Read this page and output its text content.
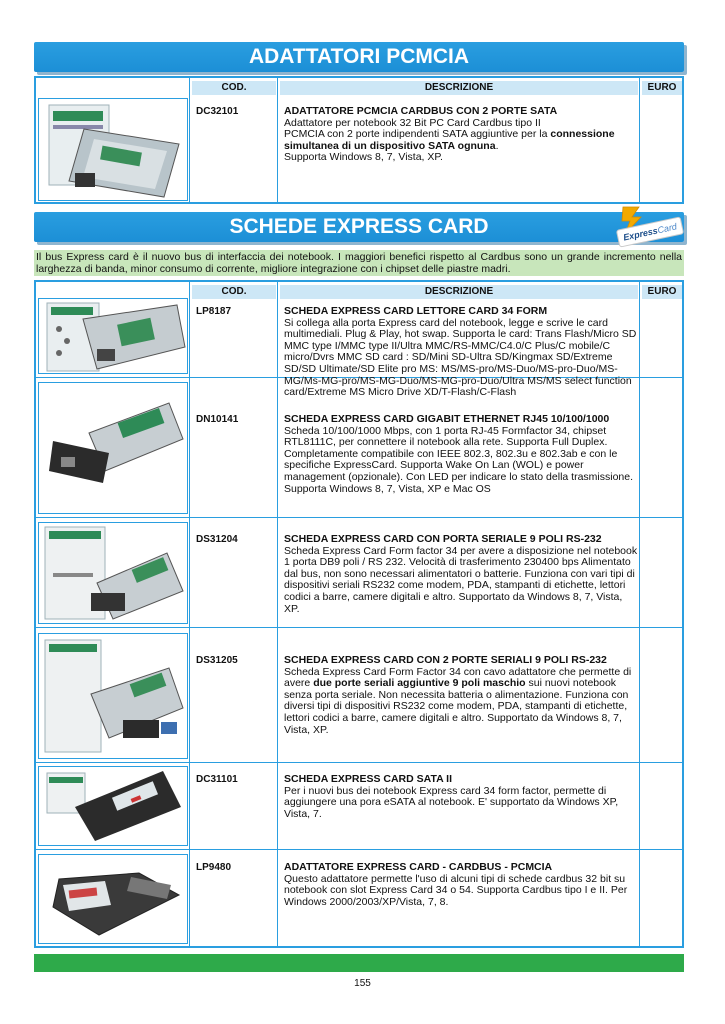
ADATTATORI PCMCIA
COD.	DESCRIZIONE	EURO
DC32101	ADATTATORE PCMCIA CARDBUS CON 2 PORTE SATA
Adattatore per notebook 32 Bit PC Card Cardbus tipo II
PCMCIA con 2 porte indipendenti SATA aggiuntive per la connessione simultanea di un dispositivo SATA ognuna.
Supporta Windows 8, 7, Vista, XP.
SCHEDE EXPRESS CARD	ExpressCard
Il bus Express card è il nuovo bus di interfaccia dei notebook. I maggiori benefici rispetto al Cardbus sono un grande incremento nella larghezza di banda, minor consumo di corrente, migliore integrazione con i chipset delle piastre madri.
COD.	DESCRIZIONE	EURO
LP8187	SCHEDA EXPRESS CARD LETTORE CARD 34 FORM
Si collega alla porta Express card del notebook, legge e scrive le card multimediali. Plug & Play, hot swap. Supporta le card: Trans Flash/Micro SD MMC type I/MMC type II/Ultra MMC/RS-MMC/C4.0/C Plus/C mobile/C micro/Dvrs MMC SD card : SD/Mini SD-Ultra SD/Kingmax SD/Extreme SD/SD Ultimate/SD Elite pro MS: MS/MS-pro/MS-Duo/MS-pro-Duo/MS-MG/Ms-MG-pro/MS-MG-Duo/MS-MG-pro-Duo/Ultra MS/MS select function card/Extreme MS Micro Drive XD/T-Flash/C-Flash
DN10141	SCHEDA EXPRESS CARD GIGABIT ETHERNET RJ45 10/100/1000
Scheda 10/100/1000 Mbps, con 1 porta RJ-45 Formfactor 34, chipset RTL8111C, per connettere il notebook alla rete. Supporta Full Duplex. Completamente compatibile con IEEE 802.3, 802.3u e 802.3ab e con le specifiche ExpressCard. Supporta Wake On Lan (WOL) e power management (opzionale). Con LED per indicare lo stato della trasmissione. Supporta Windows 8, 7, Vista, XP e Mac OS
DS31204	SCHEDA EXPRESS CARD CON PORTA SERIALE 9 POLI RS-232
Scheda Express Card Form factor 34 per avere a disposizione nel notebook 1 porta DB9 poli / RS 232. Velocità di trasferimento 230400 bps Alimentato dal bus, non sono necessari alimentatori o batterie. Funziona con vari tipi di dispositivi seriali RS232 come modem, PDA, stampanti di etichette, lettori codici a barre, camere digitali e altro. Supportato da Windows 8, 7, Vista, XP.
DS31205	SCHEDA EXPRESS CARD CON 2 PORTE SERIALI 9 POLI RS-232
Scheda Express Card Form Factor 34 con cavo adattatore che permette di avere due porte seriali aggiuntive 9 poli maschio sui nuovi notebook senza porta seriale. Non necessita batteria o alimentazione. Funziona con diversi tipi di dispositivi RS232 come modem, PDA, stampanti di etichette, lettori codici a barre, camere digitali e altro. Supportato da Windows 8, 7, Vista, XP.
DC31101	SCHEDA EXPRESS CARD SATA II
Per i nuovi bus dei notebook Express card 34 form factor, permette di aggiungere una pora eSATA al notebook. E' supportato da Windows XP, Vista, 7.
LP9480	ADATTATORE EXPRESS CARD - CARDBUS - PCMCIA
Questo adattatore permette l'uso di alcuni tipi di schede cardbus 32 bit su notebook con slot Express Card 34 o 54. Supporta Cardbus tipo I e II. Per Windows 2000/2003/XP/Vista, 7, 8.
155
